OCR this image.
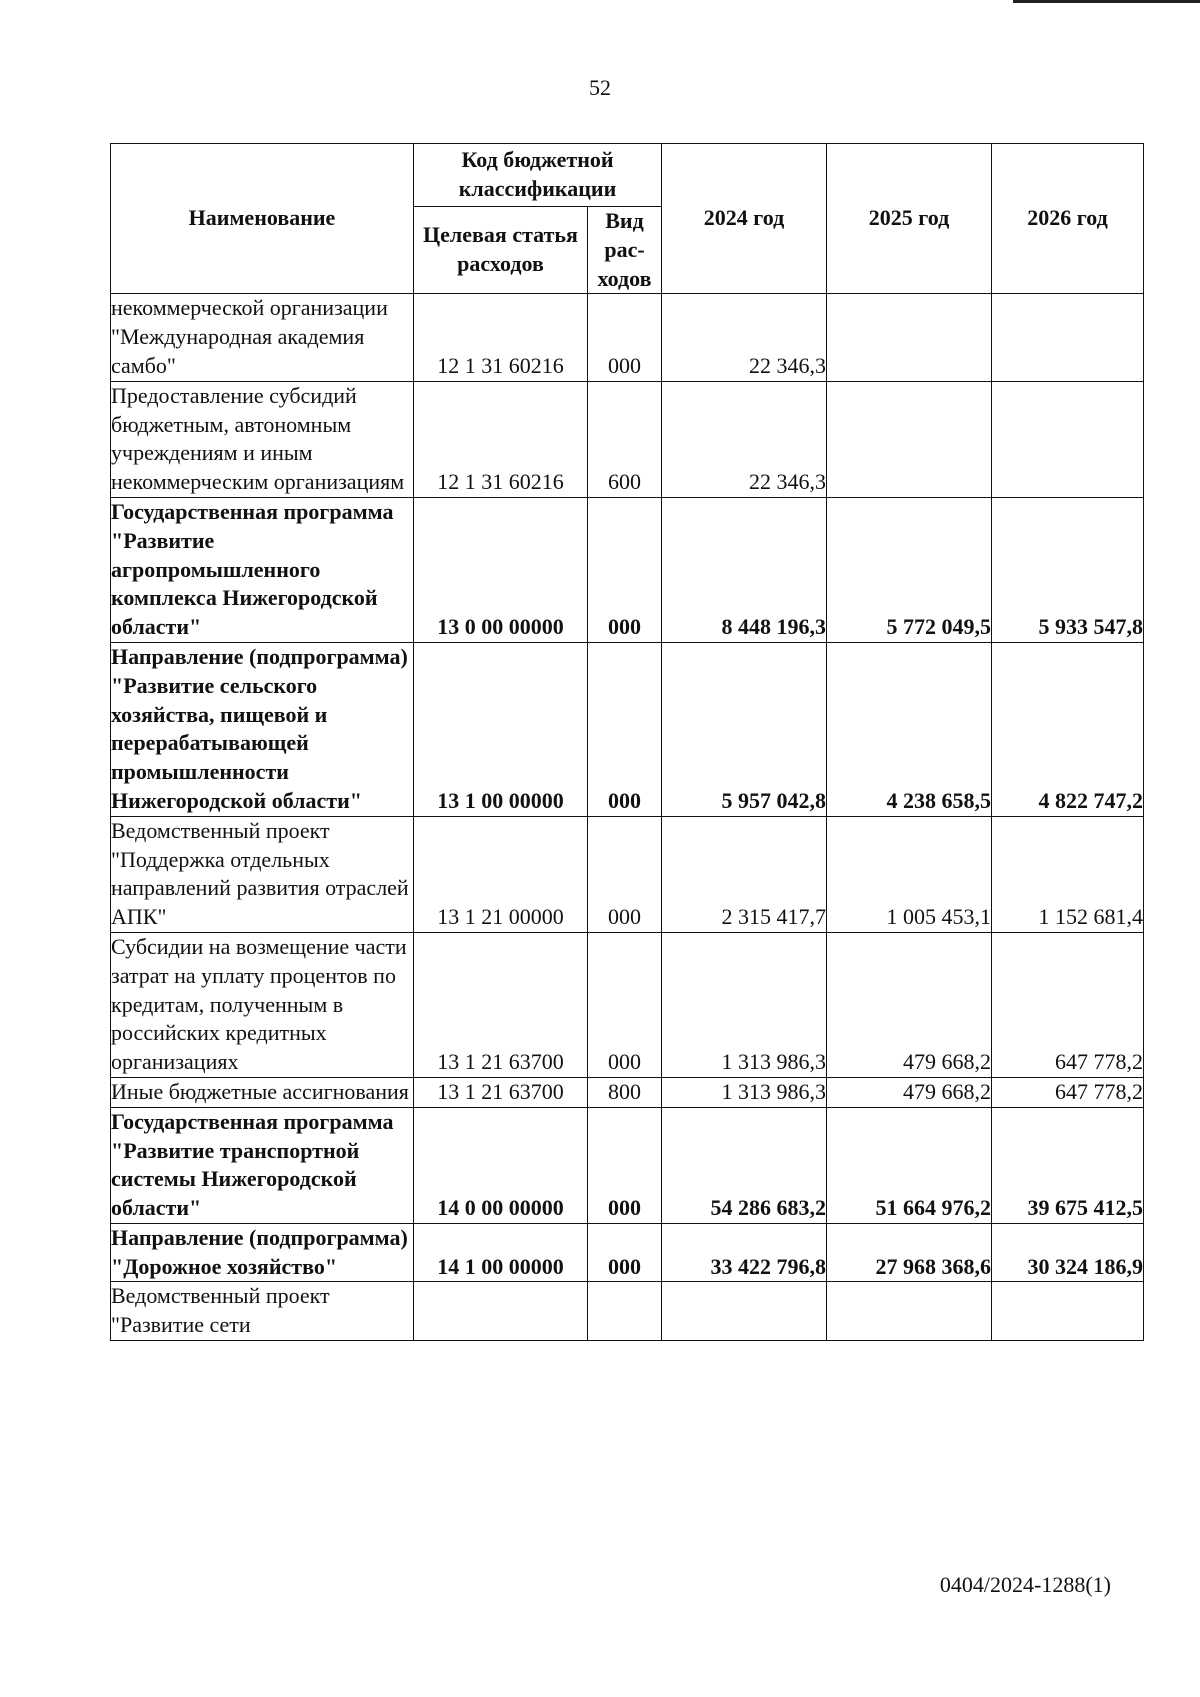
52
Наименование	Код бюджетной классификации		2024 год	2025 год	2026 год
	Целевая статья расходов	Вид рас-ходов			
некоммерческой организации "Международная академия самбо"	12 1 31 60216	000	22 346,3		
Предоставление субсидий бюджетным, автономным учреждениям и иным некоммерческим организациям	12 1 31 60216	600	22 346,3		
Государственная программа "Развитие агропромышленного комплекса Нижегородской области"	13 0 00 00000	000	8 448 196,3	5 772 049,5	5 933 547,8
Направление (подпрограмма) "Развитие сельского хозяйства, пищевой и перерабатывающей промышленности Нижегородской области"	13 1 00 00000	000	5 957 042,8	4 238 658,5	4 822 747,2
Ведомственный проект "Поддержка отдельных направлений развития отраслей АПК"	13 1 21 00000	000	2 315 417,7	1 005 453,1	1 152 681,4
Субсидии на возмещение части затрат на уплату процентов по кредитам, полученным в российских кредитных организациях	13 1 21 63700	000	1 313 986,3	479 668,2	647 778,2
Иные бюджетные ассигнования	13 1 21 63700	800	1 313 986,3	479 668,2	647 778,2
Государственная программа "Развитие транспортной системы Нижегородской области"	14 0 00 00000	000	54 286 683,2	51 664 976,2	39 675 412,5
Направление (подпрограмма) "Дорожное хозяйство"	14 1 00 00000	000	33 422 796,8	27 968 368,6	30 324 186,9
Ведомственный проект "Развитие сети					
0404/2024-1288(1)
